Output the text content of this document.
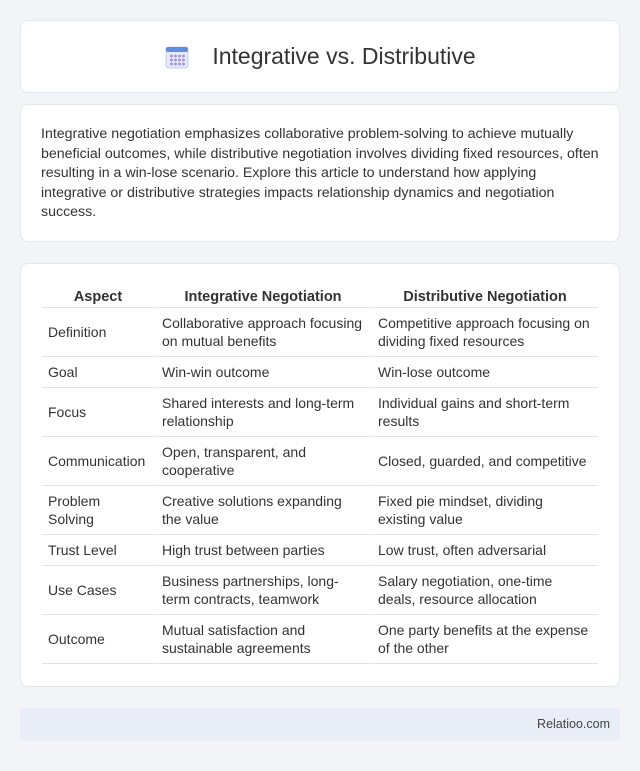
Integrative vs. Distributive

Integrative negotiation emphasizes collaborative problem-solving to achieve mutually beneficial outcomes, while distributive negotiation involves dividing fixed resources, often resulting in a win-lose scenario. Explore this article to understand how applying integrative or distributive strategies impacts relationship dynamics and negotiation success.

Aspect	Integrative Negotiation	Distributive Negotiation
Definition	Collaborative approach focusing on mutual benefits	Competitive approach focusing on dividing fixed resources
Goal	Win-win outcome	Win-lose outcome
Focus	Shared interests and long-term relationship	Individual gains and short-term results
Communication	Open, transparent, and cooperative	Closed, guarded, and competitive
Problem Solving	Creative solutions expanding the value	Fixed pie mindset, dividing existing value
Trust Level	High trust between parties	Low trust, often adversarial
Use Cases	Business partnerships, long-term contracts, teamwork	Salary negotiation, one-time deals, resource allocation
Outcome	Mutual satisfaction and sustainable agreements	One party benefits at the expense of the other
Relatioo.com
